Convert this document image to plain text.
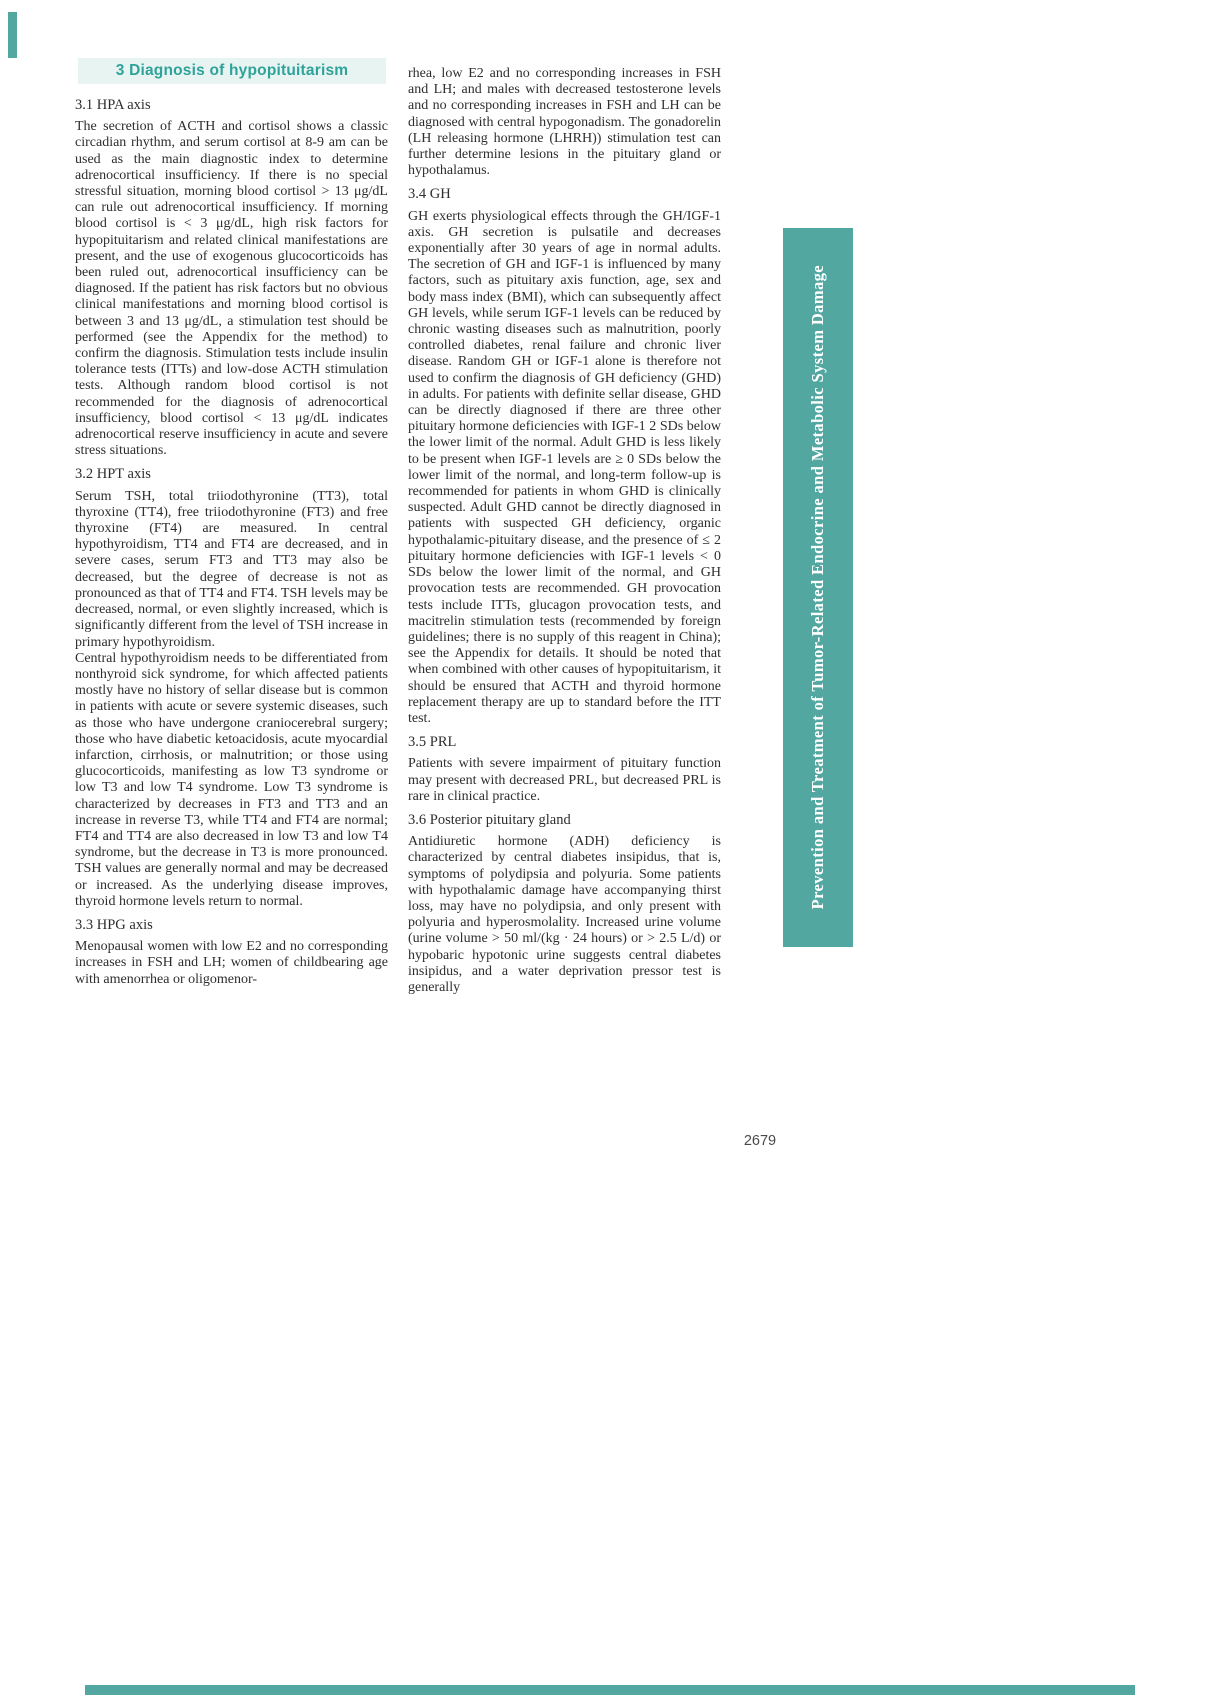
3 Diagnosis of hypopituitarism
3.1 HPA axis

The secretion of ACTH and cortisol shows a classic circadian rhythm, and serum cortisol at 8-9 am can be used as the main diagnostic index to determine adrenocortical insufficiency. If there is no special stressful situation, morning blood cortisol > 13 μg/dL can rule out adrenocortical insufficiency. If morning blood cortisol is < 3 μg/dL, high risk factors for hypopituitarism and related clinical manifestations are present, and the use of exogenous glucocorticoids has been ruled out, adrenocortical insufficiency can be diagnosed. If the patient has risk factors but no obvious clinical manifestations and morning blood cortisol is between 3 and 13 μg/dL, a stimulation test should be performed (see the Appendix for the method) to confirm the diagnosis. Stimulation tests include insulin tolerance tests (ITTs) and low-dose ACTH stimulation tests. Although random blood cortisol is not recommended for the diagnosis of adrenocortical insufficiency, blood cortisol < 13 μg/dL indicates adrenocortical reserve insufficiency in acute and severe stress situations.

3.2 HPT axis

Serum TSH, total triiodothyronine (TT3), total thyroxine (TT4), free triiodothyronine (FT3) and free thyroxine (FT4) are measured. In central hypothyroidism, TT4 and FT4 are decreased, and in severe cases, serum FT3 and TT3 may also be decreased, but the degree of decrease is not as pronounced as that of TT4 and FT4. TSH levels may be decreased, normal, or even slightly increased, which is significantly different from the level of TSH increase in primary hypothyroidism.

Central hypothyroidism needs to be differentiated from nonthyroid sick syndrome, for which affected patients mostly have no history of sellar disease but is common in patients with acute or severe systemic diseases, such as those who have undergone craniocerebral surgery; those who have diabetic ketoacidosis, acute myocardial infarction, cirrhosis, or malnutrition; or those using glucocorticoids, manifesting as low T3 syndrome or low T3 and low T4 syndrome. Low T3 syndrome is characterized by decreases in FT3 and TT3 and an increase in reverse T3, while TT4 and FT4 are normal; FT4 and TT4 are also decreased in low T3 and low T4 syndrome, but the decrease in T3 is more pronounced. TSH values are generally normal and may be decreased or increased. As the underlying disease improves, thyroid hormone levels return to normal.

3.3 HPG axis

Menopausal women with low E2 and no corresponding increases in FSH and LH; women of childbearing age with amenorrhea or oligomenor-

rhea, low E2 and no corresponding increases in FSH and LH; and males with decreased testosterone levels and no corresponding increases in FSH and LH can be diagnosed with central hypogonadism. The gonadorelin (LH releasing hormone (LHRH)) stimulation test can further determine lesions in the pituitary gland or hypothalamus.

3.4 GH

GH exerts physiological effects through the GH/IGF-1 axis. GH secretion is pulsatile and decreases exponentially after 30 years of age in normal adults. The secretion of GH and IGF-1 is influenced by many factors, such as pituitary axis function, age, sex and body mass index (BMI), which can subsequently affect GH levels, while serum IGF-1 levels can be reduced by chronic wasting diseases such as malnutrition, poorly controlled diabetes, renal failure and chronic liver disease. Random GH or IGF-1 alone is therefore not used to confirm the diagnosis of GH deficiency (GHD) in adults. For patients with definite sellar disease, GHD can be directly diagnosed if there are three other pituitary hormone deficiencies with IGF-1 2 SDs below the lower limit of the normal. Adult GHD is less likely to be present when IGF-1 levels are ≥ 0 SDs below the lower limit of the normal, and long-term follow-up is recommended for patients in whom GHD is clinically suspected. Adult GHD cannot be directly diagnosed in patients with suspected GH deficiency, organic hypothalamic-pituitary disease, and the presence of ≤ 2 pituitary hormone deficiencies with IGF-1 levels < 0 SDs below the lower limit of the normal, and GH provocation tests are recommended. GH provocation tests include ITTs, glucagon provocation tests, and macitrelin stimulation tests (recommended by foreign guidelines; there is no supply of this reagent in China); see the Appendix for details. It should be noted that when combined with other causes of hypopituitarism, it should be ensured that ACTH and thyroid hormone replacement therapy are up to standard before the ITT test.

3.5 PRL

Patients with severe impairment of pituitary function may present with decreased PRL, but decreased PRL is rare in clinical practice.

3.6 Posterior pituitary gland

Antidiuretic hormone (ADH) deficiency is characterized by central diabetes insipidus, that is, symptoms of polydipsia and polyuria. Some patients with hypothalamic damage have accompanying thirst loss, may have no polydipsia, and only present with polyuria and hyperosmolality. Increased urine volume (urine volume > 50 ml/(kg · 24 hours) or > 2.5 L/d) or hypobaric hypotonic urine suggests central diabetes insipidus, and a water deprivation pressor test is generally

Prevention and Treatment of Tumor-Related Endocrine and Metabolic System Damage
2679
